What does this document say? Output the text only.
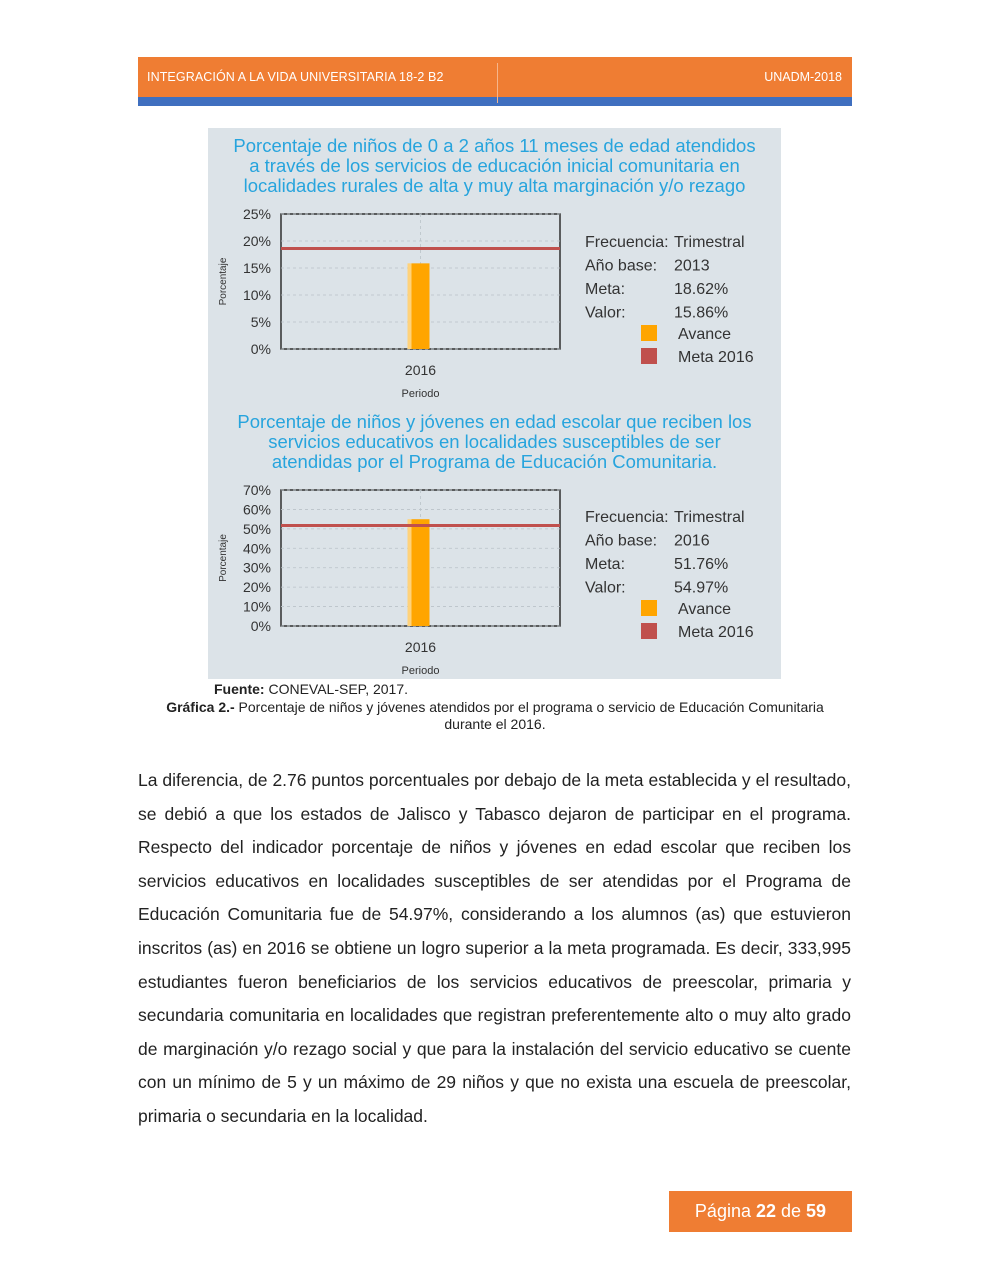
INTEGRACIÓN A LA VIDA UNIVERSITARIA 18-2 B2	UNADM-2018
Porcentaje de niños de 0 a 2 años 11 meses de edad atendidos
a través de los servicios de educación inicial comunitaria en
localidades rurales de alta y muy alta marginación y/o rezago
0%
5%
10%
15%
20%
25%
2016
Periodo
Porcentaje
Frecuencia: Trimestral
Año base: 2013
Meta:	18.62%
Valor:	15.86%
Avance
Meta 2016
Porcentaje de niños y jóvenes en edad escolar que reciben los
servicios educativos en localidades susceptibles de ser
atendidas por el Programa de Educación Comunitaria.
0%
10%
20%
30%
40%
50%
60%
70%
2016
Periodo
Porcentaje
Frecuencia: Trimestral
Año base: 2016
Meta:	51.76%
Valor:	54.97%
Avance
Meta 2016
Fuente: CONEVAL-SEP, 2017.
Gráfica 2.- Porcentaje de niños y jóvenes atendidos por el programa o servicio de Educación Comunitaria durante el 2016.

La diferencia, de 2.76 puntos porcentuales por debajo de la meta establecida y el resultado, se debió a que los estados de Jalisco y Tabasco dejaron de participar en el programa. Respecto del indicador porcentaje de niños y jóvenes en edad escolar que reciben los servicios educativos en localidades susceptibles de ser atendidas por el Programa de Educación Comunitaria fue de 54.97%, considerando a los alumnos (as) que estuvieron inscritos (as) en 2016 se obtiene un logro superior a la meta programada. Es decir, 333,995 estudiantes fueron beneficiarios de los servicios educativos de preescolar, primaria y secundaria comunitaria en localidades que registran preferentemente alto o muy alto grado de marginación y/o rezago social y que para la instalación del servicio educativo se cuente con un mínimo de 5 y un máximo de 29 niños y que no exista una escuela de preescolar, primaria o secundaria en la localidad.

Página 22 de 59
